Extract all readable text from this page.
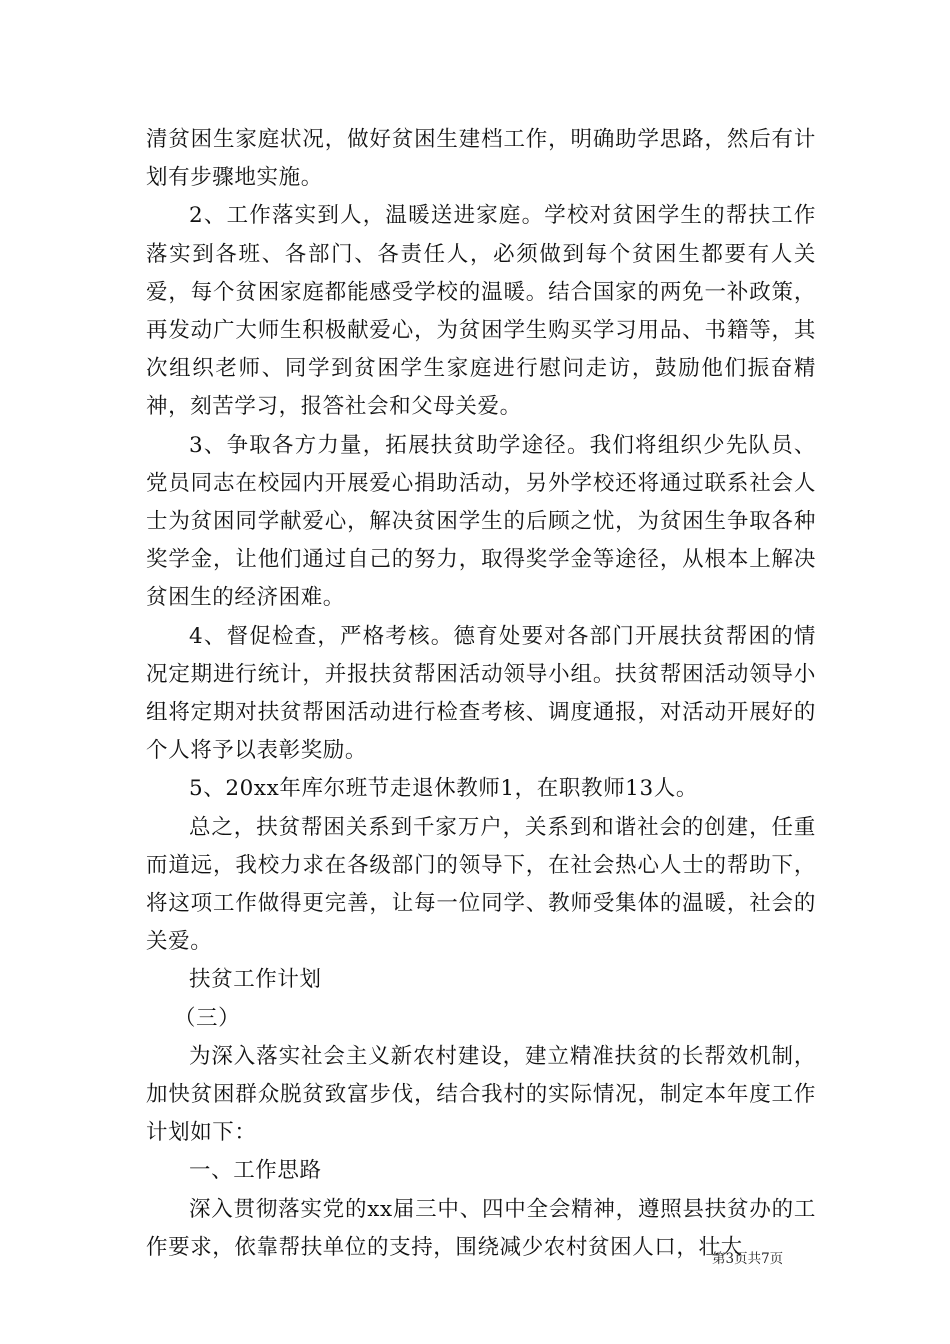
清贫困生家庭状况，做好贫困生建档工作，明确助学思路，然后有计划有步骤地实施。

2、工作落实到人，温暖送进家庭。学校对贫困学生的帮扶工作落实到各班、各部门、各责任人，必须做到每个贫困生都要有人关爱，每个贫困家庭都能感受学校的温暖。结合国家的两免一补政策，再发动广大师生积极献爱心，为贫困学生购买学习用品、书籍等，其次组织老师、同学到贫困学生家庭进行慰问走访，鼓励他们振奋精神，刻苦学习，报答社会和父母关爱。

3、争取各方力量，拓展扶贫助学途径。我们将组织少先队员、党员同志在校园内开展爱心捐助活动，另外学校还将通过联系社会人士为贫困同学献爱心，解决贫困学生的后顾之忧，为贫困生争取各种奖学金，让他们通过自己的努力，取得奖学金等途径，从根本上解决贫困生的经济困难。

4、督促检查，严格考核。德育处要对各部门开展扶贫帮困的情况定期进行统计，并报扶贫帮困活动领导小组。扶贫帮困活动领导小组将定期对扶贫帮困活动进行检查考核、调度通报，对活动开展好的个人将予以表彰奖励。

5、20xx年库尔班节走退休教师1，在职教师13人。

总之，扶贫帮困关系到千家万户，关系到和谐社会的创建，任重而道远，我校力求在各级部门的领导下，在社会热心人士的帮助下，将这项工作做得更完善，让每一位同学、教师受集体的温暖，社会的关爱。

扶贫工作计划

（三）

为深入落实社会主义新农村建设，建立精准扶贫的长帮效机制，加快贫困群众脱贫致富步伐，结合我村的实际情况，制定本年度工作计划如下：

一、工作思路

深入贯彻落实党的xx届三中、四中全会精神，遵照县扶贫办的工作要求，依靠帮扶单位的支持，围绕减少农村贫困人口，壮大

第3页共7页
